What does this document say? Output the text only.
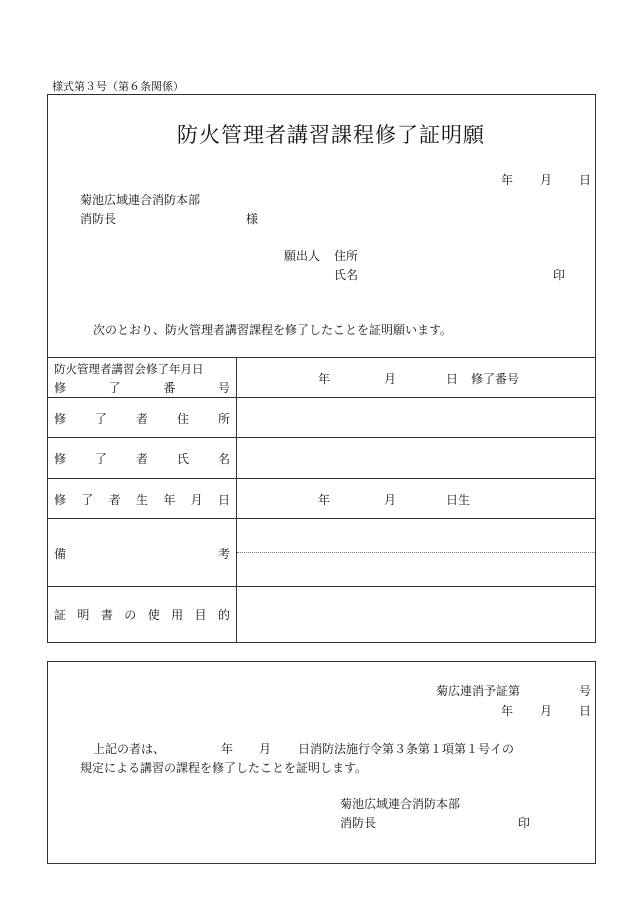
様式第３号（第６条関係）
防火管理者講習課程修了証明願
年 月 日
菊池広域連合消防本部
消防長	様
願出人 住所
氏名	印
次のとおり、防火管理者講習課程を修了したことを証明願います。
防火管理者講習会修了年月日
修	了	番	号
年	月	日 修了番号
修 了 者 住 所
修 了 者 氏 名
修 了 者 生 年 月 日	年	月	日生
備	考
証 明 書 の 使 用 目 的
菊広連消予証第	号
年 月 日
上記の者は、	年 月 日消防法施行令第３条第１項第１号イの
規定による講習の課程を修了したことを証明します。
菊池広域連合消防本部
消防長	印
